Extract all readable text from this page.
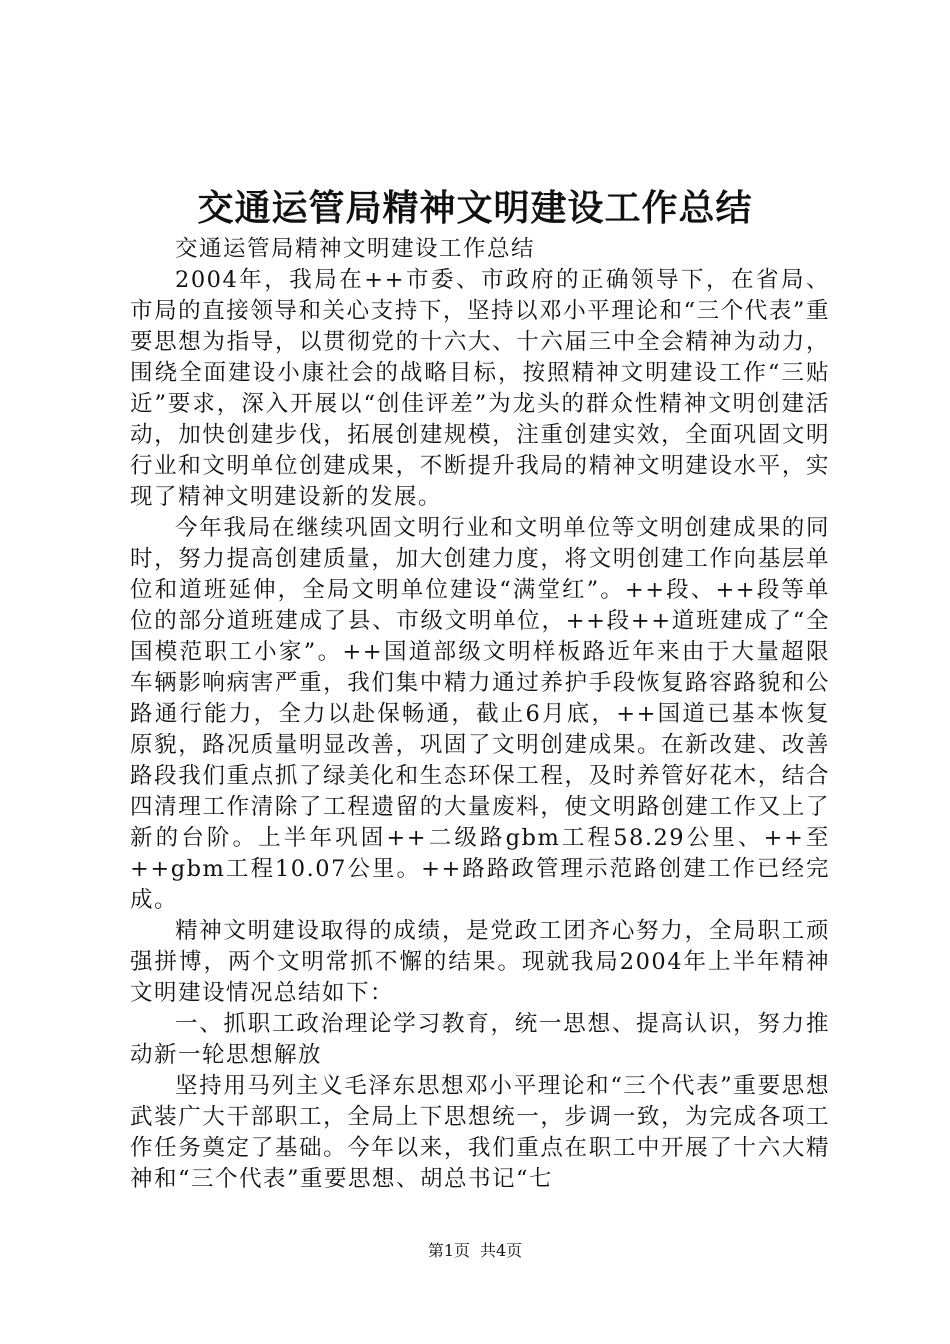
交通运管局精神文明建设工作总结

交通运管局精神文明建设工作总结

2004年，我局在++市委、市政府的正确领导下，在省局、市局的直接领导和关心支持下，坚持以邓小平理论和“三个代表”重要思想为指导，以贯彻党的十六大、十六届三中全会精神为动力，围绕全面建设小康社会的战略目标，按照精神文明建设工作“三贴近”要求，深入开展以“创佳评差”为龙头的群众性精神文明创建活动，加快创建步伐，拓展创建规模，注重创建实效，全面巩固文明行业和文明单位创建成果，不断提升我局的精神文明建设水平，实现了精神文明建设新的发展。

今年我局在继续巩固文明行业和文明单位等文明创建成果的同时，努力提高创建质量，加大创建力度，将文明创建工作向基层单位和道班延伸，全局文明单位建设“满堂红”。++段、++段等单位的部分道班建成了县、市级文明单位，++段++道班建成了“全国模范职工小家”。++国道部级文明样板路近年来由于大量超限车辆影响病害严重，我们集中精力通过养护手段恢复路容路貌和公路通行能力，全力以赴保畅通，截止6月底，++国道已基本恢复原貌，路况质量明显改善，巩固了文明创建成果。在新改建、改善路段我们重点抓了绿美化和生态环保工程，及时养管好花木，结合四清理工作清除了工程遗留的大量废料，使文明路创建工作又上了新的台阶。上半年巩固++二级路gbm工程58.29公里、++至++gbm工程10.07公里。++路路政管理示范路创建工作已经完成。

精神文明建设取得的成绩，是党政工团齐心努力，全局职工顽强拼博，两个文明常抓不懈的结果。现就我局2004年上半年精神文明建设情况总结如下：

一、抓职工政治理论学习教育，统一思想、提高认识，努力推动新一轮思想解放

坚持用马列主义毛泽东思想邓小平理论和“三个代表”重要思想武装广大干部职工，全局上下思想统一，步调一致，为完成各项工作任务奠定了基础。今年以来，我们重点在职工中开展了十六大精神和“三个代表”重要思想、胡总书记“七

第1页 共4页
